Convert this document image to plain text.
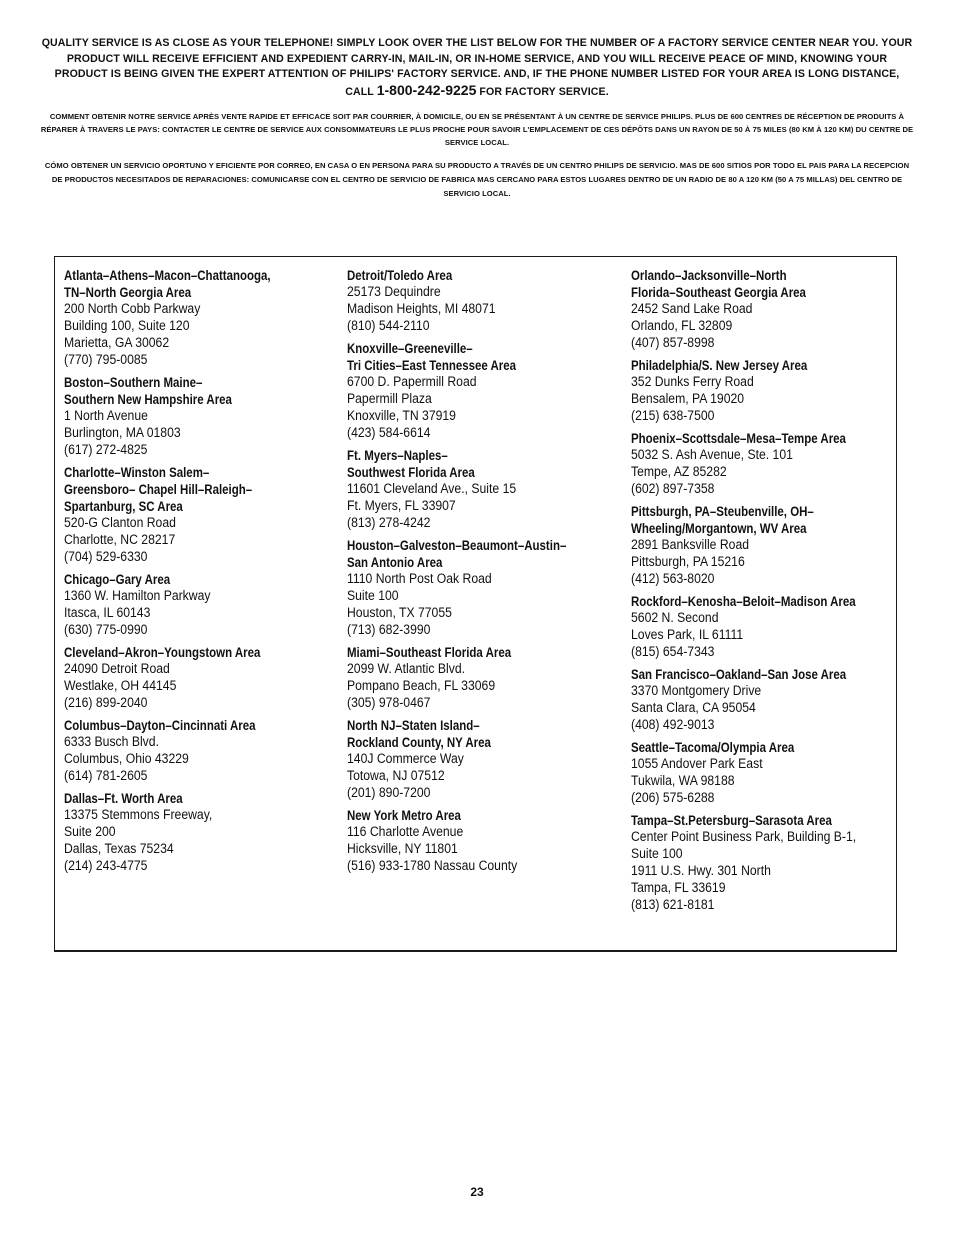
QUALITY SERVICE IS AS CLOSE AS YOUR TELEPHONE! SIMPLY LOOK OVER THE LIST BELOW FOR THE NUMBER OF A FACTORY SERVICE CENTER NEAR YOU. YOUR PRODUCT WILL RECEIVE EFFICIENT AND EXPEDIENT CARRY-IN, MAIL-IN, OR IN-HOME SERVICE, AND YOU WILL RECEIVE PEACE OF MIND, KNOWING YOUR PRODUCT IS BEING GIVEN THE EXPERT ATTENTION OF PHILIPS' FACTORY SERVICE. AND, IF THE PHONE NUMBER LISTED FOR YOUR AREA IS LONG DISTANCE, CALL 1-800-242-9225 FOR FACTORY SERVICE.

COMMENT OBTENIR NOTRE SERVICE APRÈS VENTE RAPIDE ET EFFICACE SOIT PAR COURRIER, À DOMICILE, OU EN SE PRÉSENTANT À UN CENTRE DE SERVICE PHILIPS. PLUS DE 600 CENTRES DE RÉCEPTION DE PRODUITS À RÉPARER À TRAVERS LE PAYS: CONTACTER LE CENTRE DE SERVICE AUX CONSOMMATEURS LE PLUS PROCHE POUR SAVOIR L'EMPLACEMENT DE CES DÉPÔTS DANS UN RAYON DE 50 À 75 MILES (80 KM À 120 KM) DU CENTRE DE SERVICE LOCAL.

CÓMO OBTENER UN SERVICIO OPORTUNO Y EFICIENTE POR CORREO, EN CASA O EN PERSONA PARA SU PRODUCTO A TRAVÉS DE UN CENTRO PHILIPS DE SERVICIO. MAS DE 600 SITIOS POR TODO EL PAIS PARA LA RECEPCION DE PRODUCTOS NECESITADOS DE REPARACIONES: COMUNICARSE CON EL CENTRO DE SERVICIO DE FABRICA MAS CERCANO PARA ESTOS LUGARES DENTRO DE UN RADIO DE 80 A 120 KM (50 A 75 MILLAS) DEL CENTRO DE SERVICIO LOCAL.

Atlanta–Athens–Macon–Chattanooga,
TN–North Georgia Area
200 North Cobb Parkway
Building 100, Suite 120
Marietta, GA 30062
(770) 795-0085
Boston–Southern Maine–
Southern New Hampshire Area
1 North Avenue
Burlington, MA 01803
(617) 272-4825
Charlotte–Winston Salem–
Greensboro– Chapel Hill–Raleigh–
Spartanburg, SC Area
520-G Clanton Road
Charlotte, NC 28217
(704) 529-6330
Chicago–Gary Area
1360 W. Hamilton Parkway
Itasca, IL 60143
(630) 775-0990
Cleveland–Akron–Youngstown Area
24090 Detroit Road
Westlake, OH 44145
(216) 899-2040
Columbus–Dayton–Cincinnati Area
6333 Busch Blvd.
Columbus, Ohio 43229
(614) 781-2605
Dallas–Ft. Worth Area
13375 Stemmons Freeway,
Suite 200
Dallas, Texas 75234
(214) 243-4775
Detroit/Toledo Area
25173 Dequindre
Madison Heights, MI 48071
(810) 544-2110
Knoxville–Greeneville–
Tri Cities–East Tennessee Area
6700 D. Papermill Road
Papermill Plaza
Knoxville, TN 37919
(423) 584-6614
Ft. Myers–Naples–
Southwest Florida Area
11601 Cleveland Ave., Suite 15
Ft. Myers, FL 33907
(813) 278-4242
Houston–Galveston–Beaumont–Austin–
San Antonio Area
1110 North Post Oak Road
Suite 100
Houston, TX 77055
(713) 682-3990
Miami–Southeast Florida Area
2099 W. Atlantic Blvd.
Pompano Beach, FL 33069
(305) 978-0467
North NJ–Staten Island–
Rockland County, NY Area
140J Commerce Way
Totowa, NJ 07512
(201) 890-7200
New York Metro Area
116 Charlotte Avenue
Hicksville, NY 11801
(516) 933-1780 Nassau County
Orlando–Jacksonville–North
Florida–Southeast Georgia Area
2452 Sand Lake Road
Orlando, FL 32809
(407) 857-8998
Philadelphia/S. New Jersey Area
352 Dunks Ferry Road
Bensalem, PA 19020
(215) 638-7500
Phoenix–Scottsdale–Mesa–Tempe Area
5032 S. Ash Avenue, Ste. 101
Tempe, AZ 85282
(602) 897-7358
Pittsburgh, PA–Steubenville, OH–
Wheeling/Morgantown, WV Area
2891 Banksville Road
Pittsburgh, PA 15216
(412) 563-8020
Rockford–Kenosha–Beloit–Madison Area
5602 N. Second
Loves Park, IL 61111
(815) 654-7343
San Francisco–Oakland–San Jose Area
3370 Montgomery Drive
Santa Clara, CA 95054
(408) 492-9013
Seattle–Tacoma/Olympia Area
1055 Andover Park East
Tukwila, WA 98188
(206) 575-6288
Tampa–St.Petersburg–Sarasota Area
Center Point Business Park, Building B-1,
Suite 100
1911 U.S. Hwy. 301 North
Tampa, FL 33619
(813) 621-8181
23
